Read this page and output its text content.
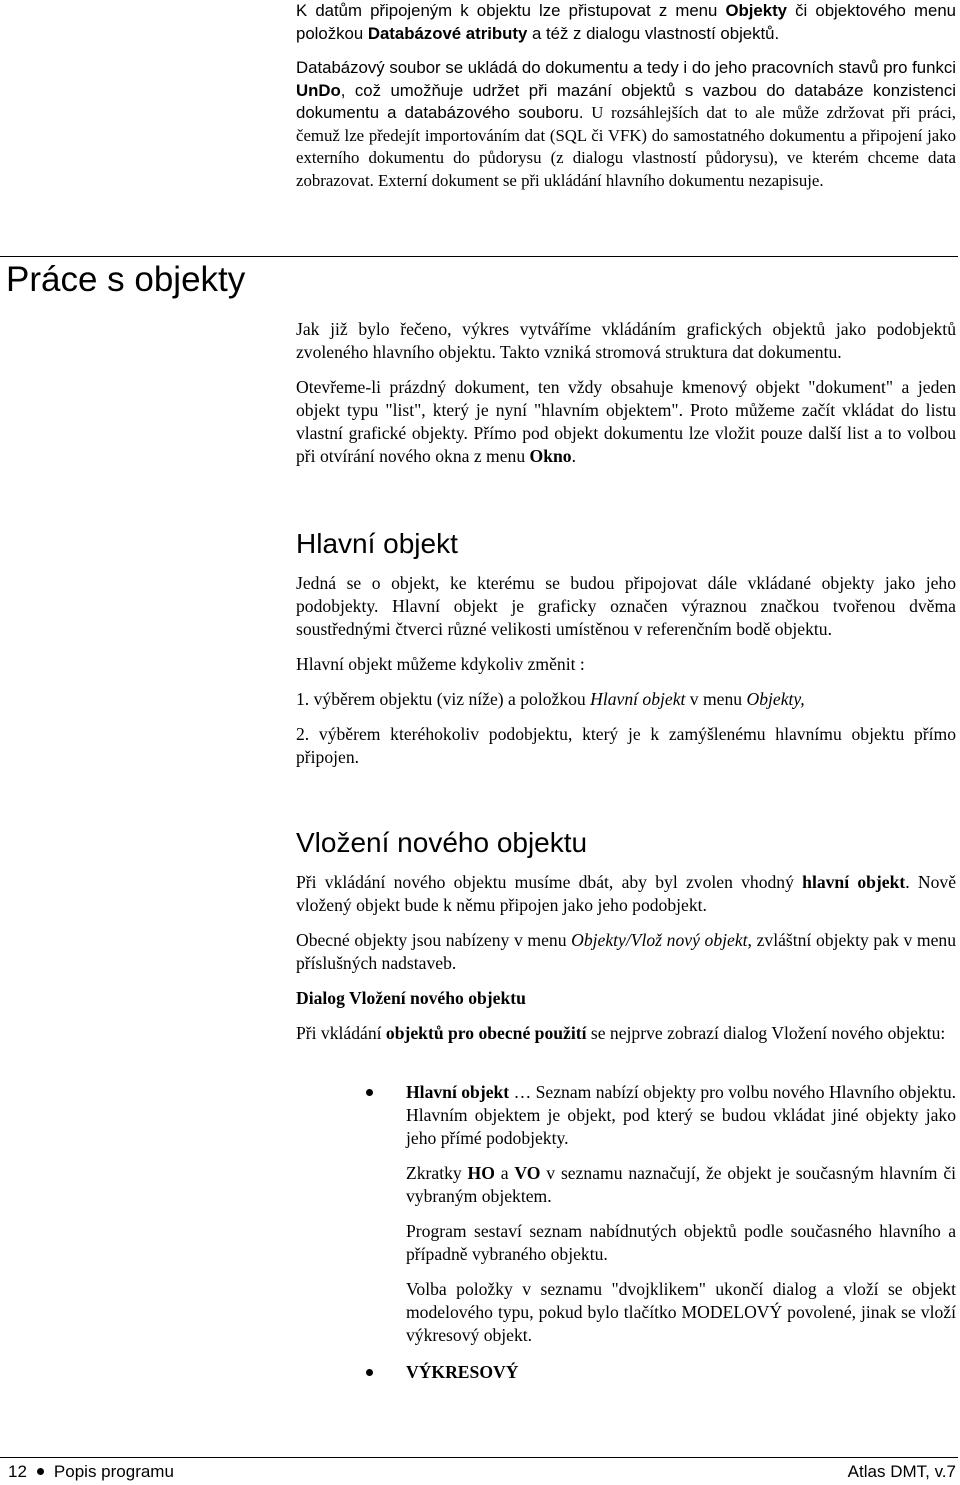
K datům připojeným k objektu lze přistupovat z menu Objekty či objektového menu položkou Databázové atributy a též z dialogu vlastností objektů.

Databázový soubor se ukládá do dokumentu a tedy i do jeho pracovních stavů pro funkci UnDo, což umožňuje udržet při mazání objektů s vazbou do databáze konzistenci dokumentu a databázového souboru. U rozsáhlejších dat to ale může zdržovat při práci, čemuž lze předejít importováním dat (SQL či VFK) do samostatného dokumentu a připojení jako externího dokumentu do půdorysu (z dialogu vlastností půdorysu), ve kterém chceme data zobrazovat. Externí dokument se při ukládání hlavního dokumentu nezapisuje.

Práce s objekty

Jak již bylo řečeno, výkres vytváříme vkládáním grafických objektů jako podobjektů zvoleného hlavního objektu. Takto vzniká stromová struktura dat dokumentu.

Otevřeme-li prázdný dokument, ten vždy obsahuje kmenový objekt "dokument" a jeden objekt typu "list", který je nyní "hlavním objektem". Proto můžeme začít vkládat do listu vlastní grafické objekty. Přímo pod objekt dokumentu lze vložit pouze další list a to volbou při otvírání nového okna z menu Okno.

Hlavní objekt

Jedná se o objekt, ke kterému se budou připojovat dále vkládané objekty jako jeho podobjekty. Hlavní objekt je graficky označen výraznou značkou tvořenou dvěma soustřednými čtverci různé velikosti umístěnou v referenčním bodě objektu.

Hlavní objekt můžeme kdykoliv změnit :

1. výběrem objektu (viz níže) a položkou Hlavní objekt v menu Objekty,

2. výběrem kteréhokoliv podobjektu, který je k zamýšlenému hlavnímu objektu přímo připojen.

Vložení nového objektu

Při vkládání nového objektu musíme dbát, aby byl zvolen vhodný hlavní objekt. Nově vložený objekt bude k němu připojen jako jeho podobjekt.

Obecné objekty jsou nabízeny v menu Objekty/Vlož nový objekt, zvláštní objekty pak v menu příslušných nadstaveb.

Dialog Vložení nového objektu

Při vkládání objektů pro obecné použití se nejprve zobrazí dialog Vložení nového objektu:

Hlavní objekt … Seznam nabízí objekty pro volbu nového Hlavního objektu. Hlavním objektem je objekt, pod který se budou vkládat jiné objekty jako jeho přímé podobjekty.

Zkratky HO a VO v seznamu naznačují, že objekt je současným hlavním či vybraným objektem.

Program sestaví seznam nabídnutých objektů podle současného hlavního a případně vybraného objektu.

Volba položky v seznamu "dvojklikem" ukončí dialog a vloží se objekt modelového typu, pokud bylo tlačítko MODELOVÝ povolené, jinak se vloží výkresový objekt.

VÝKRESOVÝ

12 Popis programu	Atlas DMT, v.7
